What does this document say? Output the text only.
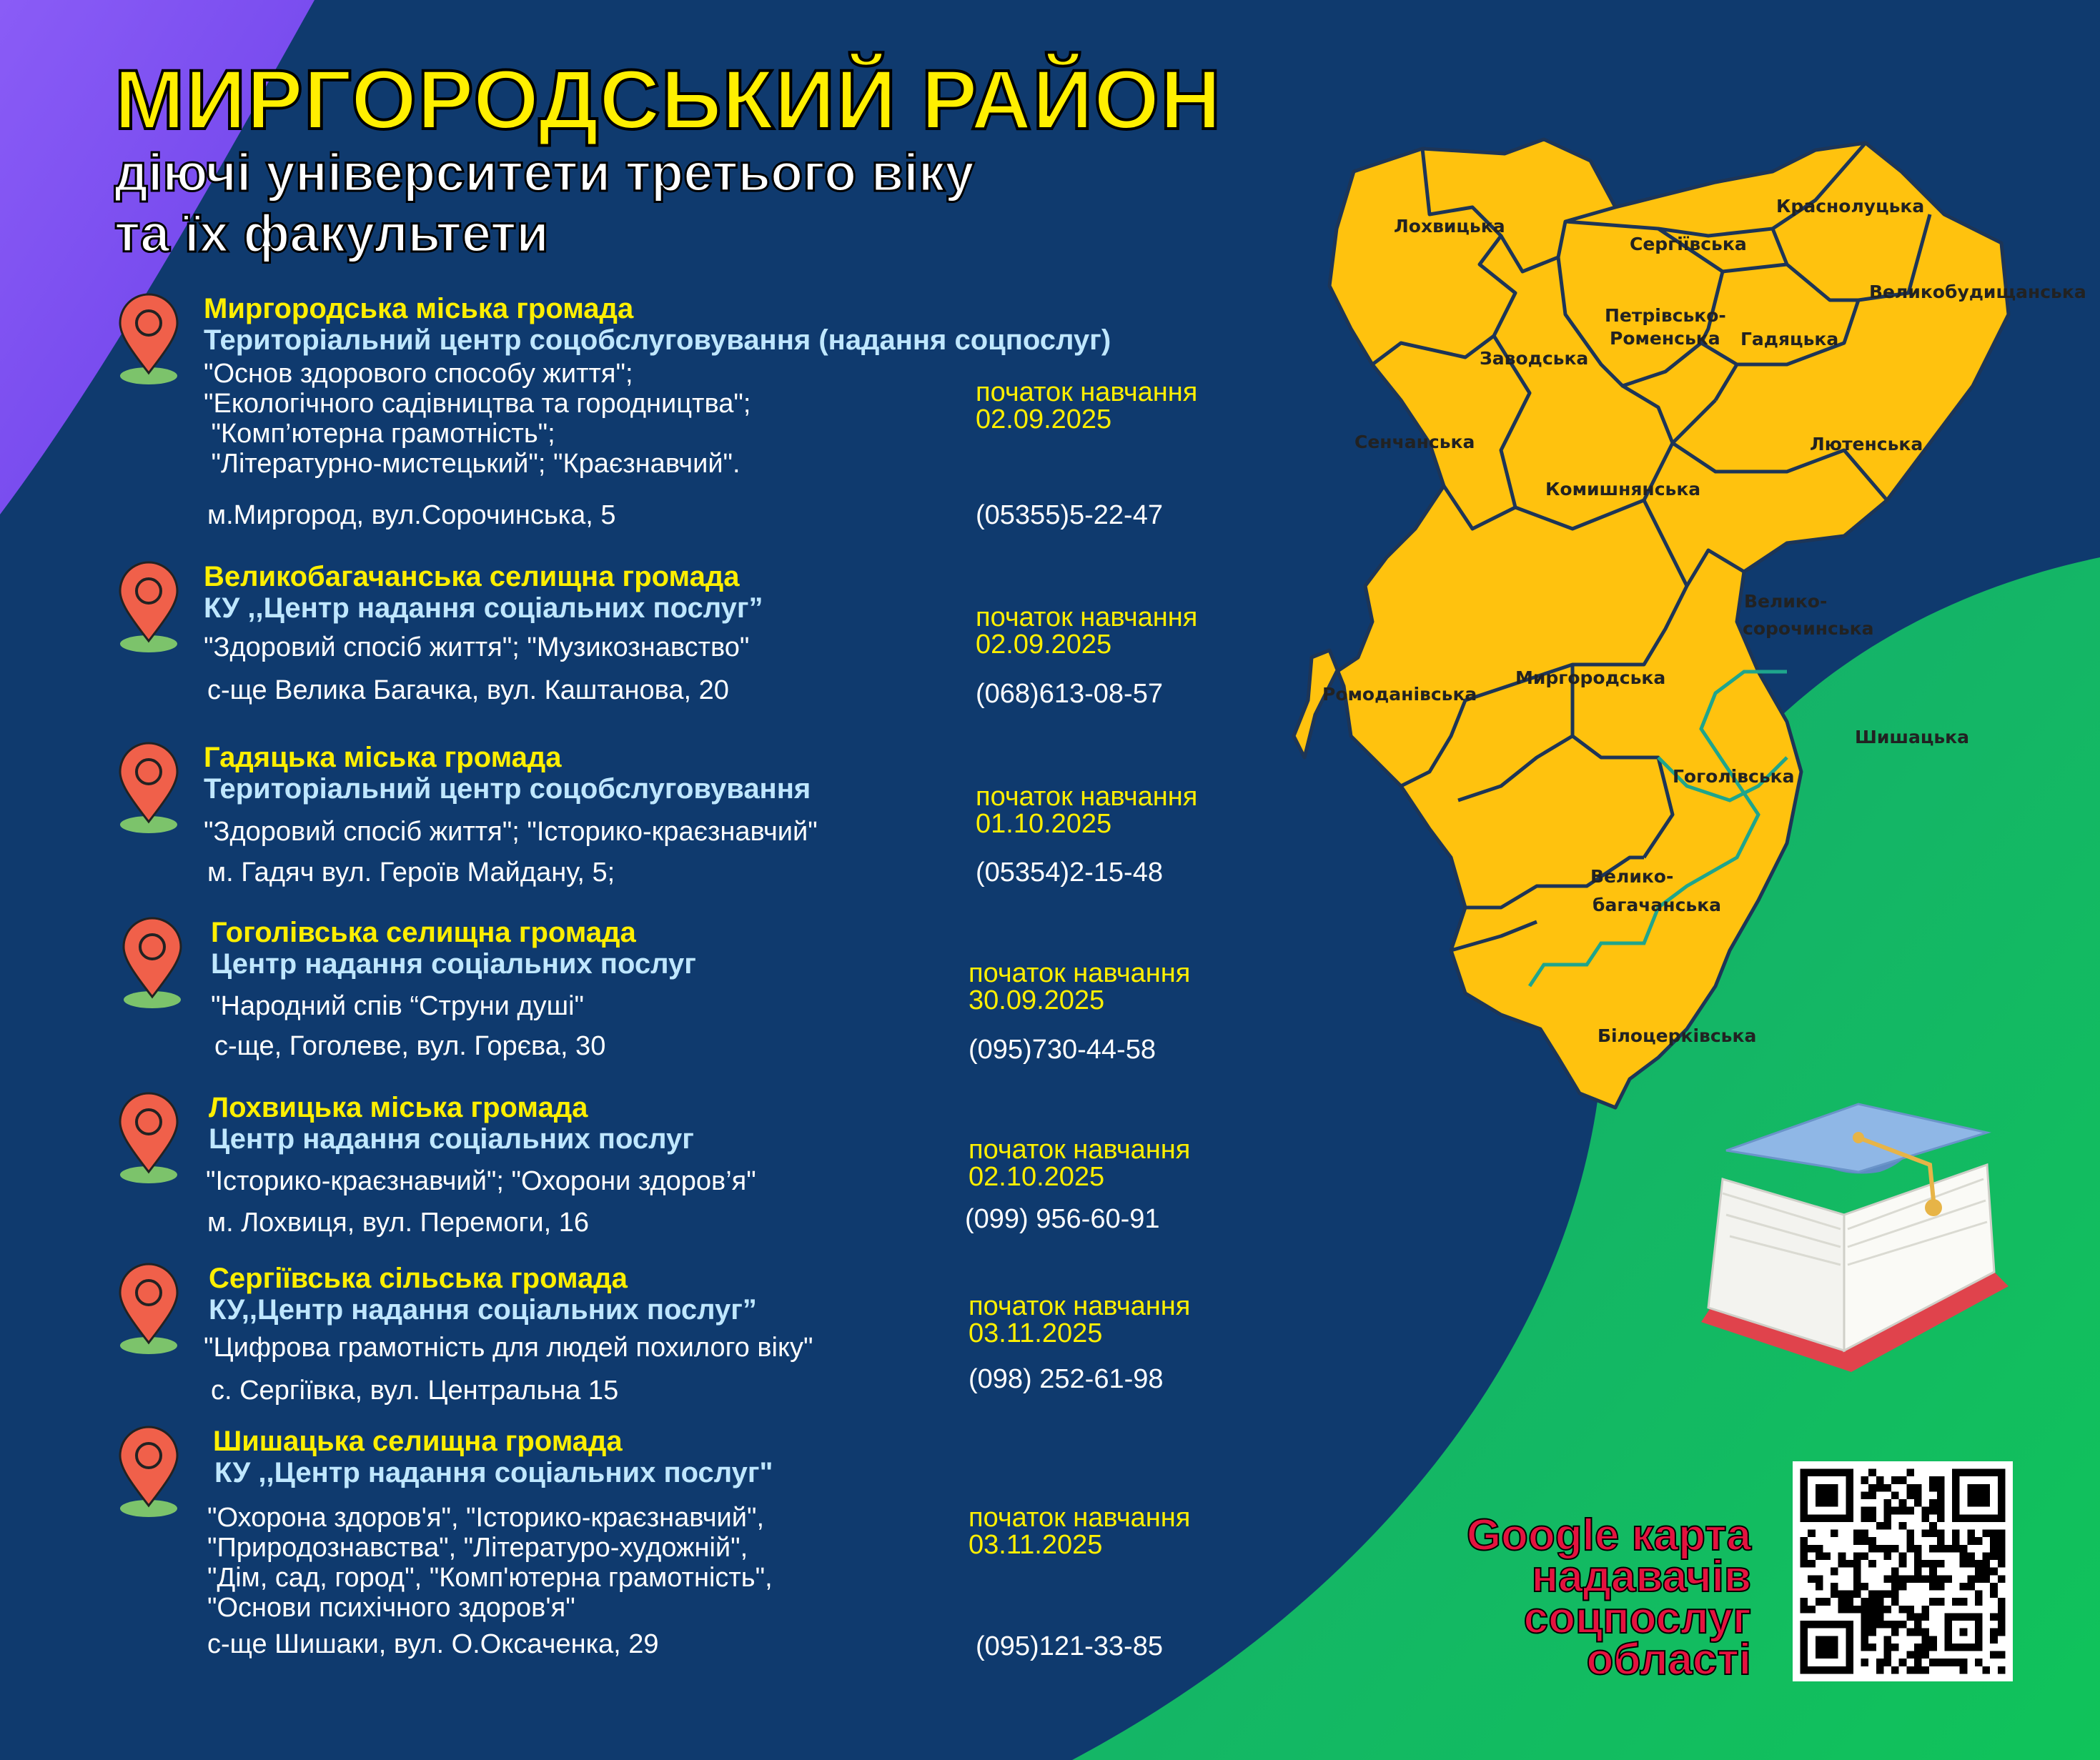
МИРГОРОДСЬКИЙ РАЙОН
діючі університети третього віку
та їх факультети
Миргородська міська громада
Територіальний центр соцобслуговування (надання соцпослуг)
"Основ здорового способу життя";
"Екологічного садівництва та городництва";
"Комп’ютерна грамотність";
"Літературно-мистецький"; "Краєзнавчий".
м.Миргород, вул.Сорочинська, 5
початок навчання
02.09.2025
(05355)5-22-47
Великобагачанська селищна громада
КУ ,,Центр надання соціальних послуг”
"Здоровий спосіб життя"; "Музикознавство"
с-ще Велика Багачка, вул. Каштанова, 20
початок навчання
02.09.2025
(068)613-08-57
Гадяцька міська громада
Територіальний центр соцобслуговування
"Здоровий спосіб життя"; "Історико-краєзнавчий"
м. Гадяч вул. Героїв Майдану, 5;
початок навчання
01.10.2025
(05354)2-15-48
Гоголівська селищна громада
Центр надання соціальних послуг
"Народний спів “Струни душі"
с-ще, Гоголеве, вул. Горєва, 30
початок навчання
30.09.2025
(095)730-44-58
Лохвицька міська громада
Центр надання соціальних послуг
"Історико-краєзнавчий"; "Охорони здоров’я"
м. Лохвиця, вул. Перемоги, 16
початок навчання
02.10.2025
(099) 956-60-91
Сергіївська сільська громада
КУ,,Центр надання соціальних послуг”
"Цифрова грамотність для людей похилого віку"
с. Сергіївка, вул. Центральна 15
початок навчання
03.11.2025
(098) 252-61-98
Шишацька селищна громада
КУ ,,Центр надання соціальних послуг"
"Охорона здоров'я", "Історико-краєзнавчий",
"Природознавства", "Літературо-художній",
"Дім, сад, город", "Комп'ютерна грамотність",
"Основи психічного здоров'я"
с-ще Шишаки, вул. О.Оксаченка, 29
початок навчання
03.11.2025
(095)121-33-85
Лохвицька
Сергіївська
Краснолуцька
Великобудищанська
Петрівсько-
Роменська
Заводська
Гадяцька
Сенчанська	Лютенська
Комишнянська
Велико-
сорочинська
Миргородська
Ромоданівська
Шишацька
Гоголівська
Велико-
багачанська
Білоцерківська
Google карта
надавачів
соцпослуг
області
